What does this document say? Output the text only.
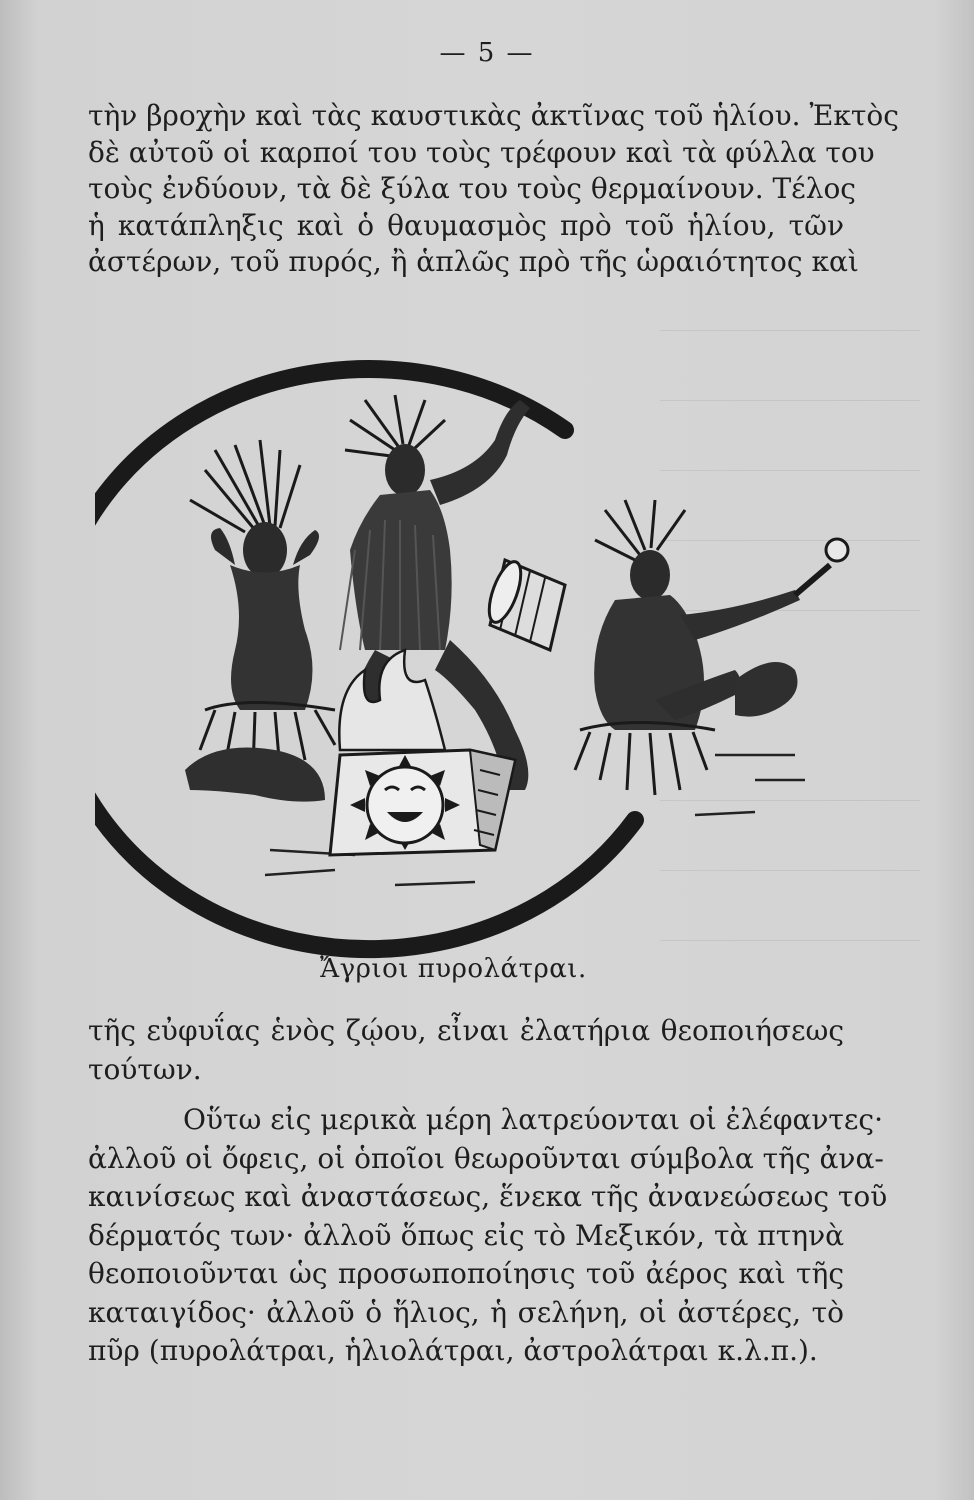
— 5 —
τὴν βροχὴν καὶ τὰς καυστικὰς ἀκτῖνας τοῦ ἡλίου. Ἐκτὸς
δὲ αὐτοῦ οἱ καρποί του τοὺς τρέφουν καὶ τὰ φύλλα του
τοὺς ἐνδύουν, τὰ δὲ ξύλα του τοὺς θερμαίνουν. Τέλος
ἡ κατάπληξις καὶ ὁ θαυμασμὸς πρὸ τοῦ ἡλίου, τῶν
ἀστέρων, τοῦ πυρός, ἢ ἁπλῶς πρὸ τῆς ὡραιότητος καὶ
Ἄγριοι πυρολάτραι.
τῆς εὐφυΐας ἑνὸς ζῴου, εἶναι ἐλατήρια θεοποιήσεως
τούτων.
Οὕτω εἰς μερικὰ μέρη λατρεύονται οἱ ἐλέφαντες·
ἀλλοῦ οἱ ὄφεις, οἱ ὁποῖοι θεωροῦνται σύμβολα τῆς ἀνα-
καινίσεως καὶ ἀναστάσεως, ἕνεκα τῆς ἀνανεώσεως τοῦ
δέρματός των· ἀλλοῦ ὅπως εἰς τὸ Μεξικόν, τὰ πτηνὰ
θεοποιοῦνται ὡς προσωποποίησις τοῦ ἀέρος καὶ τῆς
καταιγίδος· ἀλλοῦ ὁ ἥλιος, ἡ σελήνη, οἱ ἀστέρες, τὸ
πῦρ (πυρολάτραι, ἡλιολάτραι, ἀστρολάτραι κ.λ.π.).
